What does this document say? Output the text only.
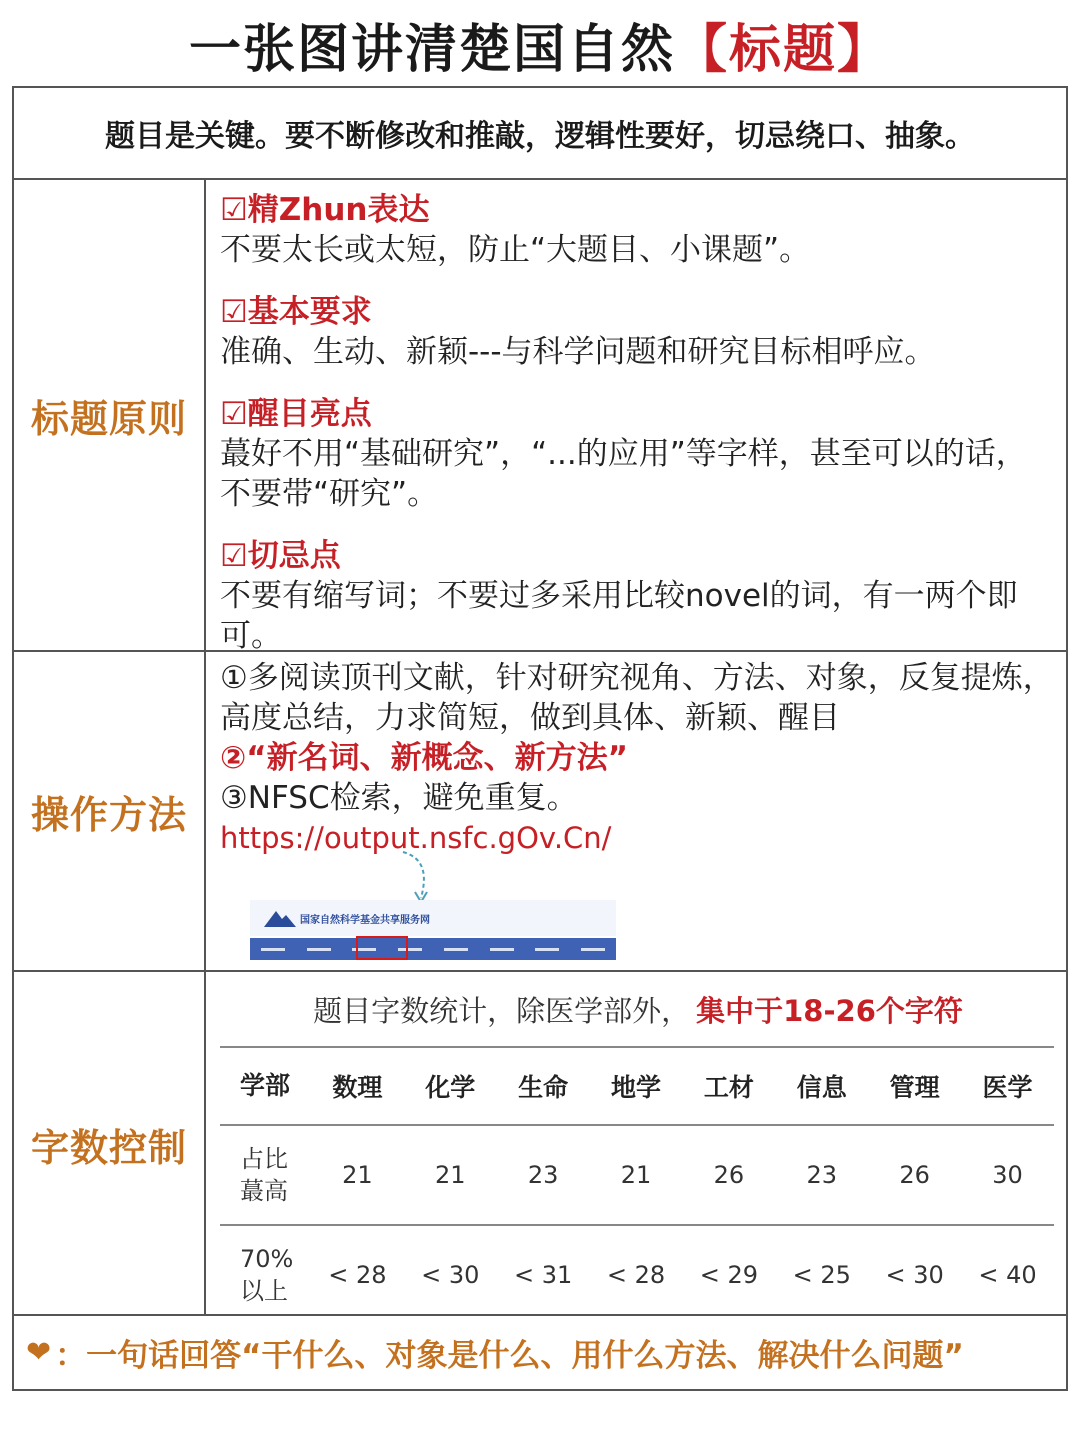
一张图讲清楚国自然【标题】
题目是关键。要不断修改和推敲，逻辑性要好，切忌绕口、抽象。
标题原则
☑精Zhun表达
不要太长或太短，防止“大题目、小课题”。
☑基本要求
准确、生动、新颖---与科学问题和研究目标相呼应。
☑醒目亮点
蕞好不用“基础研究”，“...的应用”等字样，甚至可以的话，不要带“研究”。
☑切忌点
不要有缩写词；不要过多采用比较novel的词，有一两个即可。
操作方法
①多阅读顶刊文献，针对研究视角、方法、对象，反复提炼，高度总结，力求简短，做到具体、新颖、醒目
②“新名词、新概念、新方法”
③NFSC检索，避免重复。
https://output.nsfc.gOv.Cn/
国家自然科学基金共享服务网
字数控制
题目字数统计，除医学部外， 集中于18-26个字符
学部	数理	化学	生命	地学	工材	信息	管理	医学

占比
蕞高	21	21	23	21	26	23	26	30

70%
以上	< 28	< 30	< 31	< 28	< 29	< 25	< 30	< 40
❤ ：一句话回答“干什么、对象是什么、用什么方法、解决什么问题”
